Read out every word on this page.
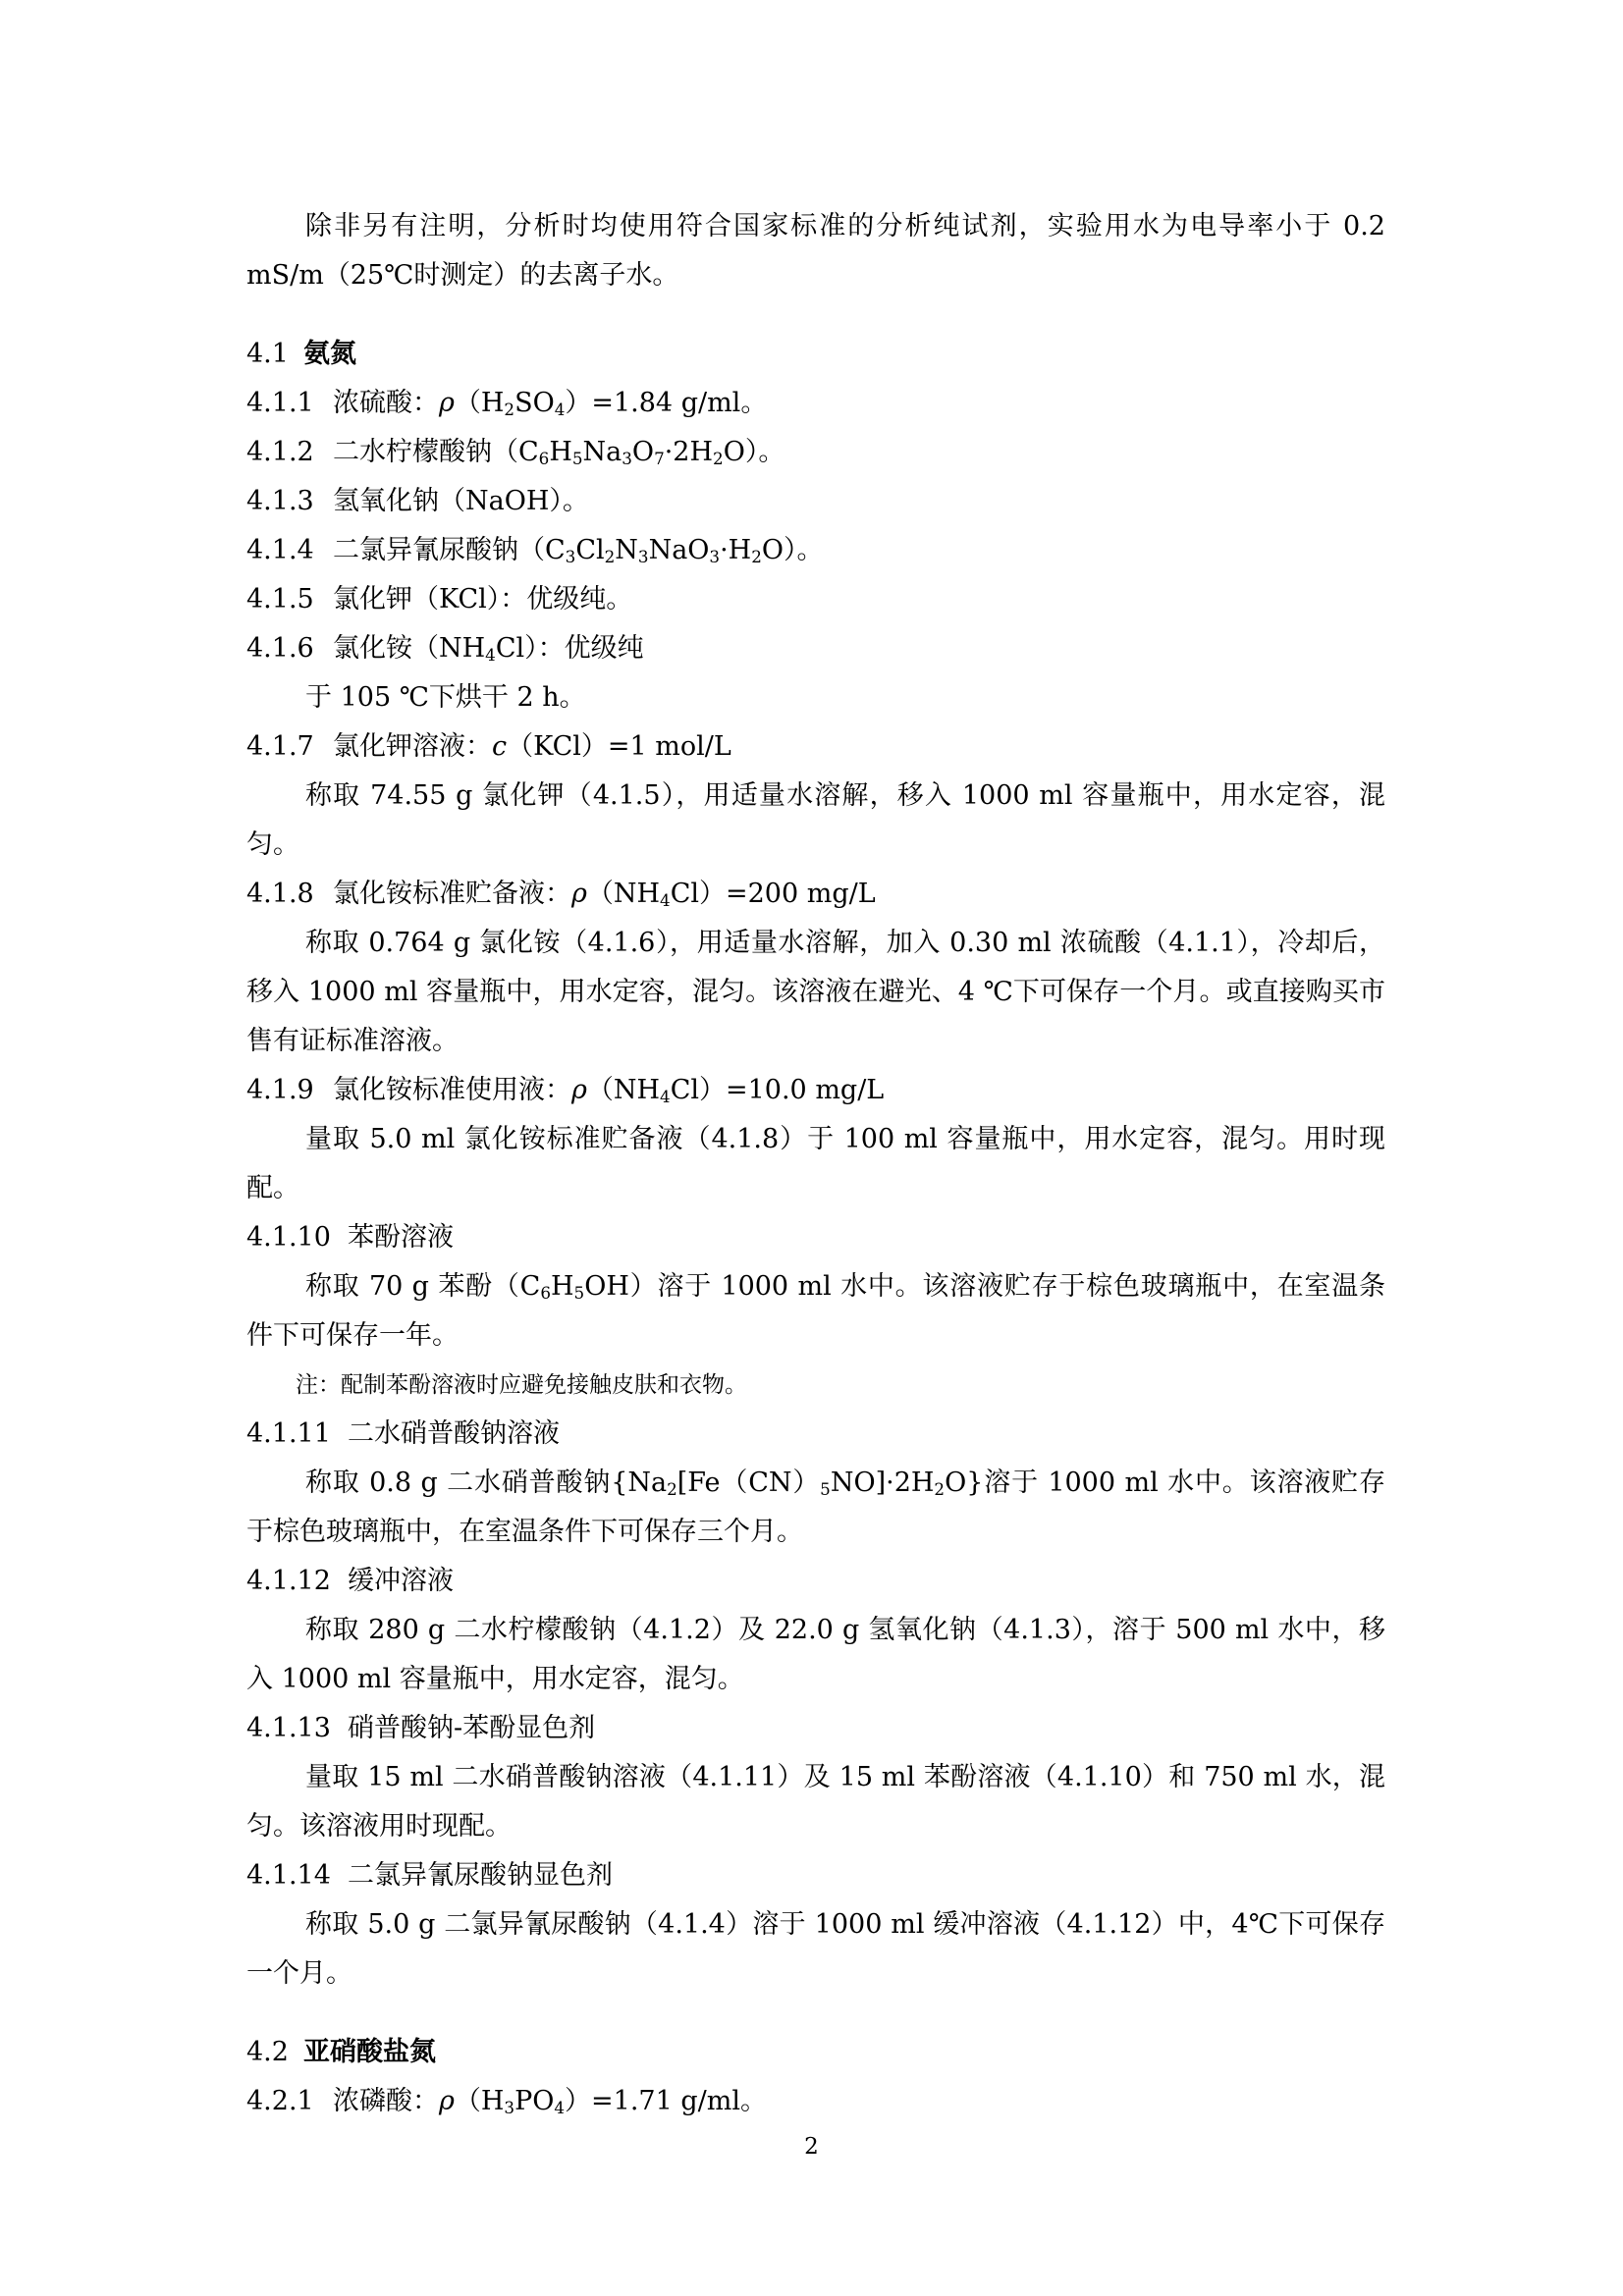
除非另有注明，分析时均使用符合国家标准的分析纯试剂，实验用水为电导率小于 0.2 mS/m（25℃时测定）的去离子水。

4.1 氨氮

4.1.1 浓硫酸：$\rho(H_2SO_4)=1.84$ g/ml。

4.1.2 二水柠檬酸钠$(C_6H_5Na_3O_7\cdot 2H_2O)$。

4.1.3 氢氧化钠（NaOH）。

4.1.4 二氯异氰尿酸钠$(C_3Cl_2N_3NaO_3\cdot H_2O)$。

4.1.5 氯化钾（KCl）：优级纯。

4.1.6 氯化铵$(NH_4Cl)$：优级纯

于 105 ℃下烘干 2 h。

4.1.7 氯化钾溶液：c（KCl）=1 mol/L

称取 74.55 g 氯化钾（4.1.5），用适量水溶解，移入 1000 ml 容量瓶中，用水定容，混匀。

4.1.8 氯化铵标准贮备液：$\rho(NH_4Cl)=200$ mg/L

称取 0.764 g 氯化铵（4.1.6），用适量水溶解，加入 0.30 ml 浓硫酸（4.1.1），冷却后，移入 1000 ml 容量瓶中，用水定容，混匀。该溶液在避光、4 ℃下可保存一个月。或直接购买市售有证标准溶液。

4.1.9 氯化铵标准使用液：$\rho(NH_4Cl)=10.0$ mg/L

量取 5.0 ml 氯化铵标准贮备液（4.1.8）于 100 ml 容量瓶中，用水定容，混匀。用时现配。

4.1.10 苯酚溶液

称取 70 g 苯酚$(C_6H_5OH)$溶于 1000 ml 水中。该溶液贮存于棕色玻璃瓶中，在室温条件下可保存一年。

注：配制苯酚溶液时应避免接触皮肤和衣物。

4.1.11 二水硝普酸钠溶液

称取 0.8 g 二水硝普酸钠$\{Na_2[Fe(CN)_5NO]\cdot 2H_2O\}$溶于 1000 ml 水中。该溶液贮存于棕色玻璃瓶中，在室温条件下可保存三个月。

4.1.12 缓冲溶液

称取 280 g 二水柠檬酸钠（4.1.2）及 22.0 g 氢氧化钠（4.1.3），溶于 500 ml 水中，移入 1000 ml 容量瓶中，用水定容，混匀。

4.1.13 硝普酸钠-苯酚显色剂

量取 15 ml 二水硝普酸钠溶液（4.1.11）及 15 ml 苯酚溶液（4.1.10）和 750 ml 水，混匀。该溶液用时现配。

4.1.14 二氯异氰尿酸钠显色剂

称取 5.0 g 二氯异氰尿酸钠（4.1.4）溶于 1000 ml 缓冲溶液（4.1.12）中，4℃下可保存一个月。

4.2 亚硝酸盐氮

4.2.1 浓磷酸：$\rho(H_3PO_4)=1.71$ g/ml。

2
